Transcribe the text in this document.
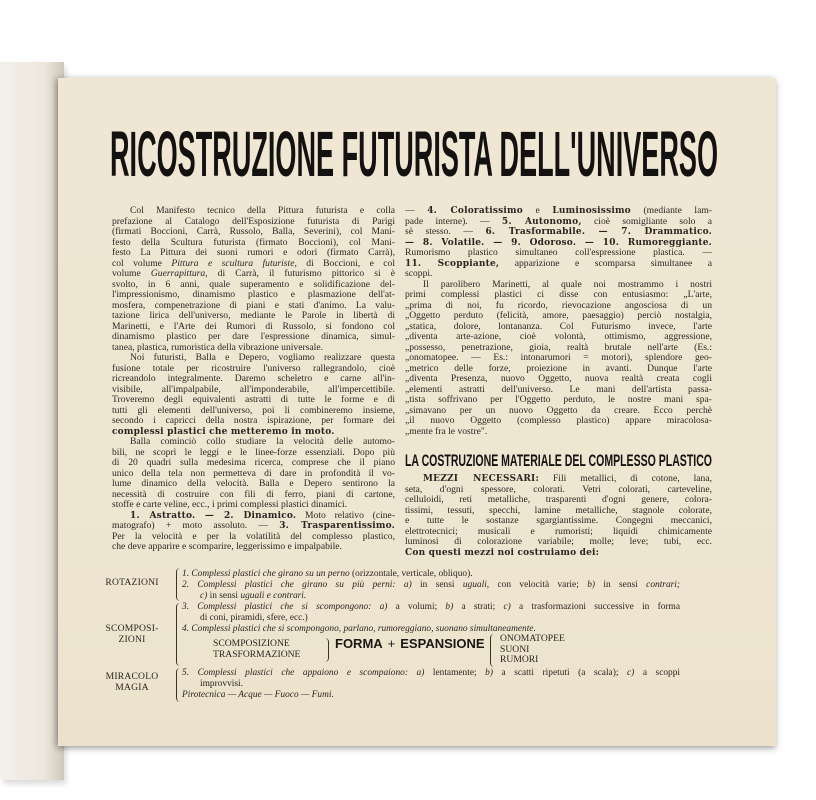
RICOSTRUZIONE FUTURISTA DELL'UNIVERSO
Col Manifesto tecnico della Pittura futurista e colla
prefazione al Catalogo dell'Esposizione futurista di Parigi
(firmati Boccioni, Carrà, Russolo, Balla, Severini), col Mani-
festo della Scultura futurista (firmato Boccioni), col Mani-
festo La Pittura dei suoni rumori e odori (firmato Carrà),
col volume Pittura e scultura futuriste, di Boccioni, e col
volume Guerrapittura, di Carrà, il futurismo pittorico si è
svolto, in 6 anni, quale superamento e solidificazione del-
l'impressionismo, dinamismo plastico e plasmazione dell'at-
mosfera, compenetrazione di piani e stati d'animo. La valu-
tazione lirica dell'universo, mediante le Parole in libertà di
Marinetti, e l'Arte dei Rumori di Russolo, si fondono col
dinamismo plastico per dare l'espressione dinamica, simul-
tanea, plastica, rumoristica della vibrazione universale.
Noi futuristi, Balla e Depero, vogliamo realizzare questa
fusione totale per ricostruire l'universo rallegrandolo, cioè
ricreandolo integralmente. Daremo scheletro e carne all'in-
visibile, all'impalpabile, all'imponderabile, all'impercettibile.
Troveremo degli equivalenti astratti di tutte le forme e di
tutti gli elementi dell'universo, poi li combineremo insieme,
secondo i capricci della nostra ispirazione, per formare dei
complessi plastici che metteremo in moto.
Balla cominciò collo studiare la velocità delle automo-
bili, ne scoprì le leggi e le linee-forze essenziali. Dopo più
di 20 quadri sulla medesima ricerca, comprese che il piano
unico della tela non permetteva di dare in profondità il vo-
lume dinamico della velocità. Balla e Depero sentirono la
necessità di costruire con fili di ferro, piani di cartone,
stoffe e carte veline, ecc., i primi complessi plastici dinamici.
1. Astratto. — 2. Dinamico. Moto relativo (cine-
matografo) + moto assoluto. — 3. Trasparentissimo.
Per la velocità e per la volatilità del complesso plastico,
che deve apparire e scomparire, leggerissimo e impalpabile.
— 4. Coloratissimo e Luminosissimo (mediante lam-
pade interne). — 5. Autonomo, cioè somigliante solo a
sè stesso. — 6. Trasformabile. — 7. Drammatico.
— 8. Volatile. — 9. Odoroso. — 10. Rumoreggiante.
Rumorismo plastico simultaneo coll'espressione plastica. —
11. Scoppiante, apparizione e scomparsa simultanee a
scoppi.
Il parolibero Marinetti, al quale noi mostrammo i nostri
primi complessi plastici ci disse con entusiasmo: „L'arte,
„prima di noi, fu ricordo, rievocazione angosciosa di un
„Oggetto perduto (felicità, amore, paesaggio) perciò nostalgia,
„statica, dolore, lontananza. Col Futurismo invece, l'arte
„diventa arte-azione, cioè volontà, ottimismo, aggressione,
„possesso, penetrazione, gioia, realtà brutale nell'arte (Es.:
„onomatopee. — Es.: intonarumori = motori), splendore geo-
„metrico delle forze, proiezione in avanti. Dunque l'arte
„diventa Presenza, nuovo Oggetto, nuova realtà creata cogli
„elementi astratti dell'universo. Le mani dell'artista passa-
„tista soffrivano per l'Oggetto perduto, le nostre mani spa-
„simavano per un nuovo Oggetto da creare. Ecco perchè
„il nuovo Oggetto (complesso plastico) appare miracolosa-
„mente fra le vostre".
LA COSTRUZIONE MATERIALE DEL COMPLESSO PLASTICO
MEZZI NECESSARI: Fili metallici, di cotone, lana,
seta, d'ogni spessore, colorati. Vetri colorati, carteveline,
celluloidi, reti metalliche, trasparenti d'ogni genere, colora-
tissimi, tessuti, specchi, lamine metalliche, stagnole colorate,
e tutte le sostanze sgargiantissime. Congegni meccanici,
elettrotecnici; musicali e rumoristi; liquidi chimicamente
luminosi di colorazione variabile; molle; leve; tubi, ecc.
Con questi mezzi noi costruiamo dei:
ROTAZIONI
1. Complessi plastici che girano su un perno (orizzontale, verticale, obliquo).
2. Complessi plastici che girano su più perni: a) in sensi uguali, con velocità varie; b) in sensi contrari;
c) in sensi uguali e contrari.
SCOMPOSI-
ZIONI
3. Complessi plastici che si scompongono: a) a volumi; b) a strati; c) a trasformazioni successive in forma
di coni, piramidi, sfere, ecc.)
4. Complessi plastici che si scompongono, parlano, rumoreggiano, suonano simultaneamente.
SCOMPOSIZIONE
TRASFORMAZIONE
FORMA + ESPANSIONE ONOMATOPEE
SUONI
RUMORI
MIRACOLO
MAGIA
5. Complessi plastici che appaiono e scompaiono: a) lentamente; b) a scatti ripetuti (a scala); c) a scoppi
improvvisi.
Pirotecnica — Acque — Fuoco — Fumi.
